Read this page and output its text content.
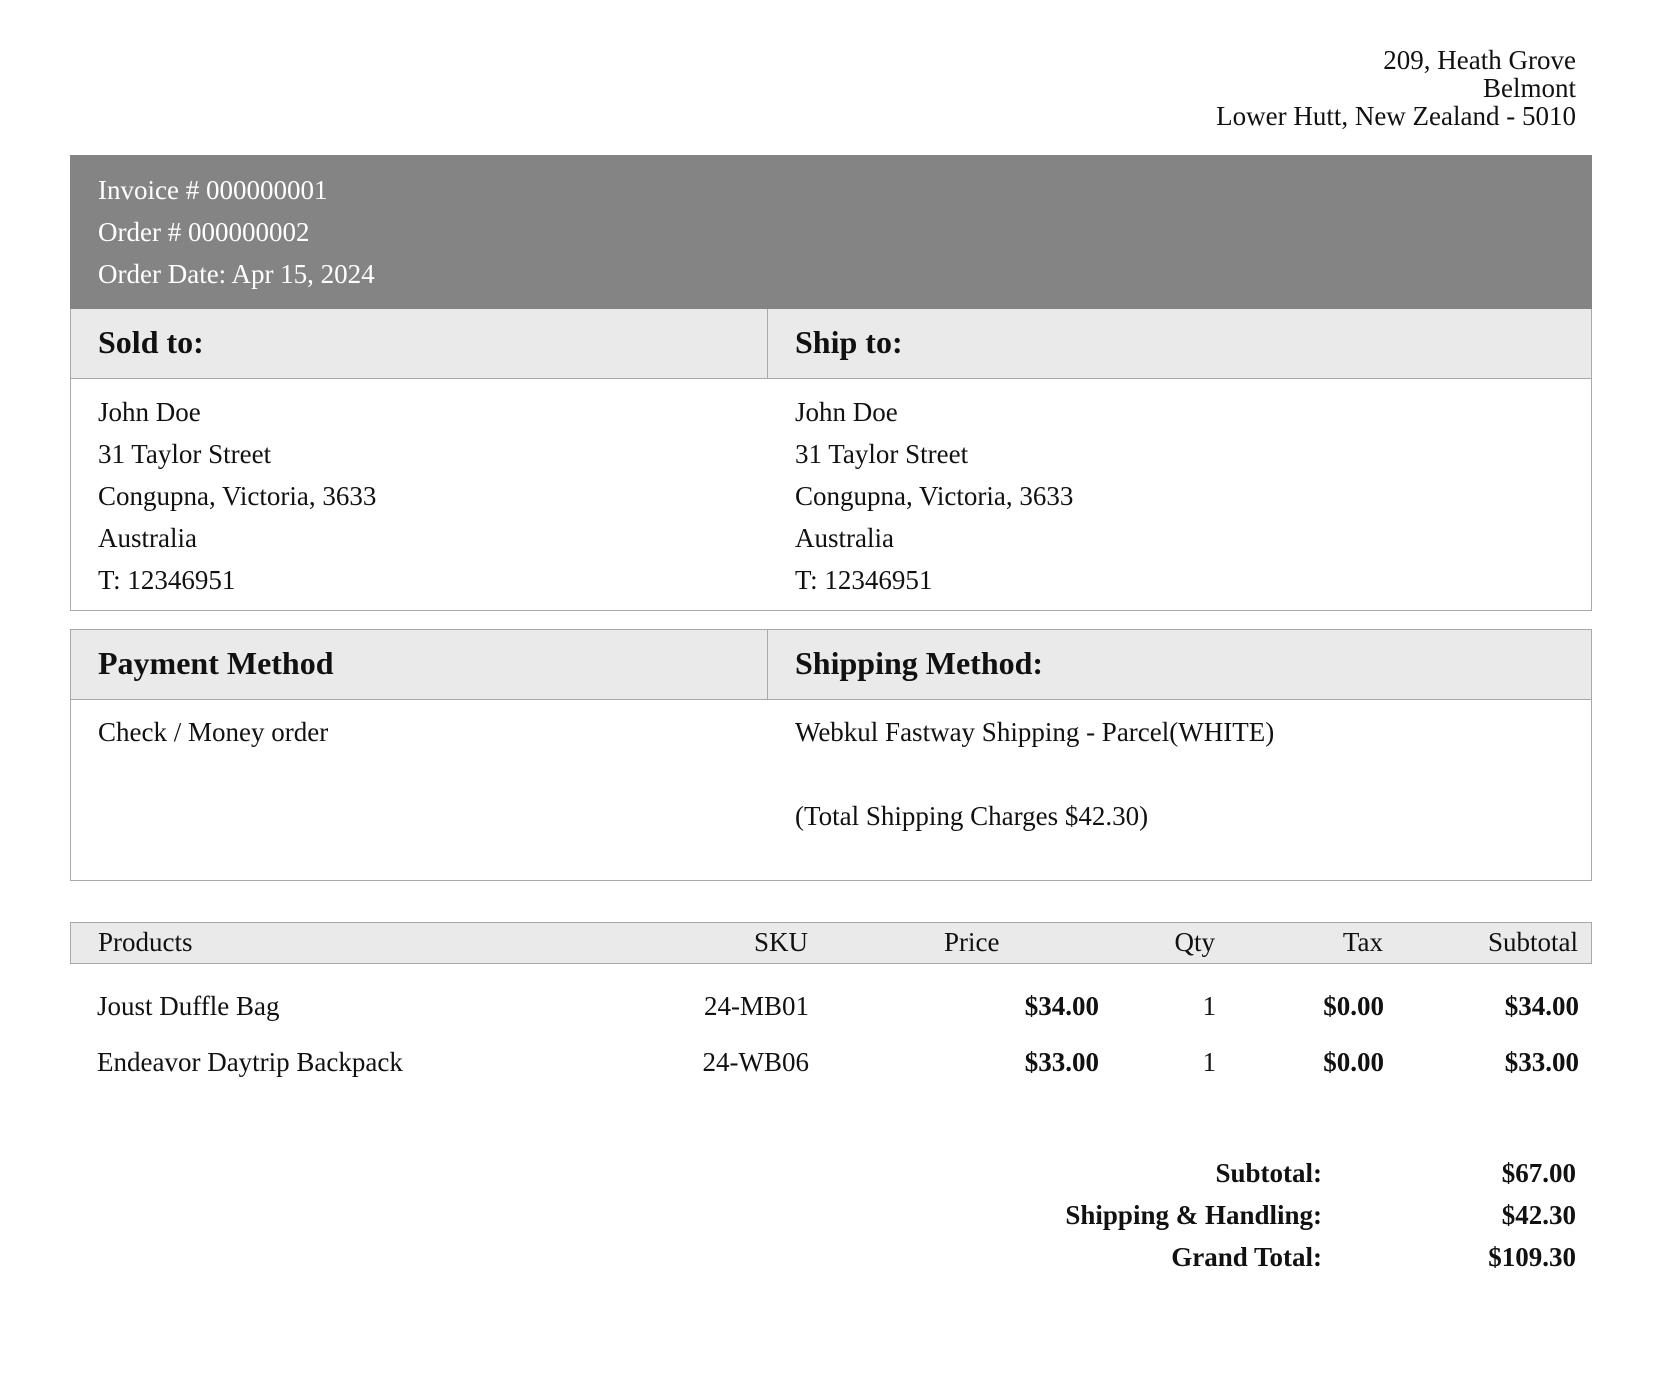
209, Heath Grove
Belmont
Lower Hutt, New Zealand - 5010
Invoice # 000000001
Order # 000000002
Order Date: Apr 15, 2024
Sold to:	Ship to:
John Doe
31 Taylor Street
Congupna, Victoria, 3633
Australia
T: 12346951
John Doe
31 Taylor Street
Congupna, Victoria, 3633
Australia
T: 12346951
Payment Method	Shipping Method:
Check / Money order	Webkul Fastway Shipping - Parcel(WHITE)
(Total Shipping Charges $42.30)
Products	SKU	Price	Qty	Tax	Subtotal
Joust Duffle Bag	24-MB01	$34.00	1	$0.00	$34.00
Endeavor Daytrip Backpack	24-WB06	$33.00	1	$0.00	$33.00
Subtotal:	$67.00
Shipping & Handling:	$42.30
Grand Total:	$109.30
